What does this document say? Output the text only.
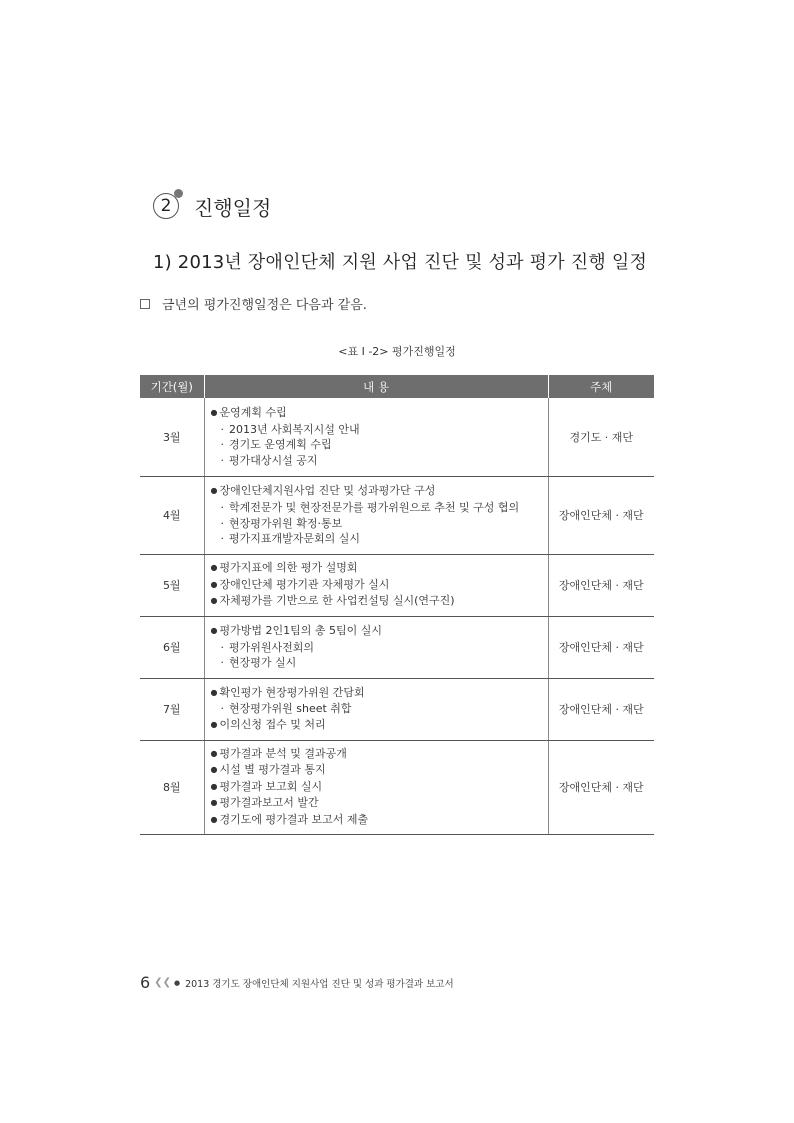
2 진행일정
1) 2013년 장애인단체 지원 사업 진단 및 성과 평가 진행 일정
금년의 평가진행일정은 다음과 같음.
<표 Ⅰ -2> 평가진행일정
기간(월)	내 용	주체
3월	● 운영계획 수립
· 2013년 사회복지시설 안내
· 경기도 운영계획 수립
· 평가대상시설 공지	경기도 · 재단
4월	● 장애인단체지원사업 진단 및 성과평가단 구성
· 학계전문가 및 현장전문가를 평가위원으로 추천 및 구성 협의
· 현장평가위원 확정·통보
· 평가지표개발자문회의 실시	장애인단체 · 재단
5월	● 평가지표에 의한 평가 설명회
● 장애인단체 평가기관 자체평가 실시
● 자체평가를 기반으로 한 사업컨설팅 실시(연구진)	장애인단체 · 재단
6월	● 평가방법 2인1팀의 총 5팀이 실시
· 평가위원사전회의
· 현장평가 실시	장애인단체 · 재단
7월	● 확인평가 현장평가위원 간담회
· 현장평가위원 sheet 취합
● 이의신청 접수 및 처리	장애인단체 · 재단
8월	● 평가결과 분석 및 결과공개
● 시설 별 평가결과 통지
● 평가결과 보고회 실시
● 평가결과보고서 발간
● 경기도에 평가결과 보고서 제출	장애인단체 · 재단
6 ❮❮ ● 2013 경기도 장애인단체 지원사업 진단 및 성과 평가결과 보고서
